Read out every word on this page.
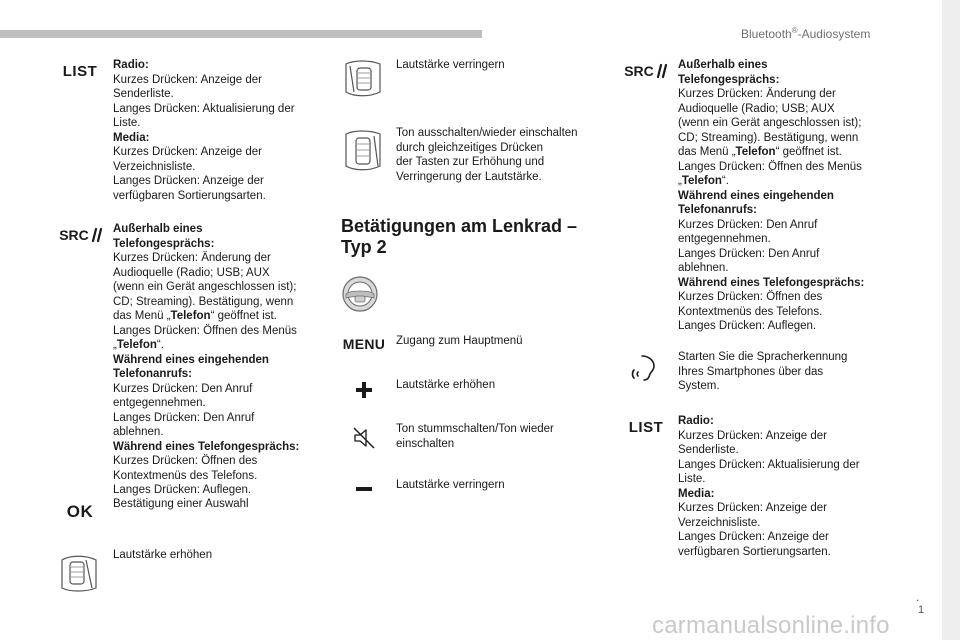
Bluetooth®-Audiosystem
.
1
carmanualsonline.info
LIST Radio:
Kurzes Drücken: Anzeige der
Senderliste.
Langes Drücken: Aktualisierung der
Liste.
Media:
Kurzes Drücken: Anzeige der
Verzeichnisliste.
Langes Drücken: Anzeige der
verfügbaren Sortierungsarten.
SRC Außerhalb eines
Telefongesprächs:
Kurzes Drücken: Änderung der
Audioquelle (Radio; USB; AUX
(wenn ein Gerät angeschlossen ist);
CD; Streaming). Bestätigung, wenn
das Menü „Telefon“ geöffnet ist.
Langes Drücken: Öffnen des Menüs
„Telefon“.
Während eines eingehenden
Telefonanrufs:
Kurzes Drücken: Den Anruf
entgegennehmen.
Langes Drücken: Den Anruf
ablehnen.
Während eines Telefongesprächs:
Kurzes Drücken: Öffnen des
Kontextmenüs des Telefons.
Langes Drücken: Auflegen.
OK Bestätigung einer Auswahl
Lautstärke erhöhen
Lautstärke verringern
Ton ausschalten/wieder einschalten
durch gleichzeitiges Drücken
der Tasten zur Erhöhung und
Verringerung der Lautstärke.
Betätigungen am Lenkrad –
Typ 2
MENU Zugang zum Hauptmenü
Lautstärke erhöhen
Ton stummschalten/Ton wieder
einschalten
Lautstärke verringern
SRC Außerhalb eines
Telefongesprächs:
Kurzes Drücken: Änderung der
Audioquelle (Radio; USB; AUX
(wenn ein Gerät angeschlossen ist);
CD; Streaming). Bestätigung, wenn
das Menü „Telefon“ geöffnet ist.
Langes Drücken: Öffnen des Menüs
„Telefon“.
Während eines eingehenden
Telefonanrufs:
Kurzes Drücken: Den Anruf
entgegennehmen.
Langes Drücken: Den Anruf
ablehnen.
Während eines Telefongesprächs:
Kurzes Drücken: Öffnen des
Kontextmenüs des Telefons.
Langes Drücken: Auflegen.
Starten Sie die Spracherkennung
Ihres Smartphones über das
System.
LIST Radio:
Kurzes Drücken: Anzeige der
Senderliste.
Langes Drücken: Aktualisierung der
Liste.
Media:
Kurzes Drücken: Anzeige der
Verzeichnisliste.
Langes Drücken: Anzeige der
verfügbaren Sortierungsarten.
